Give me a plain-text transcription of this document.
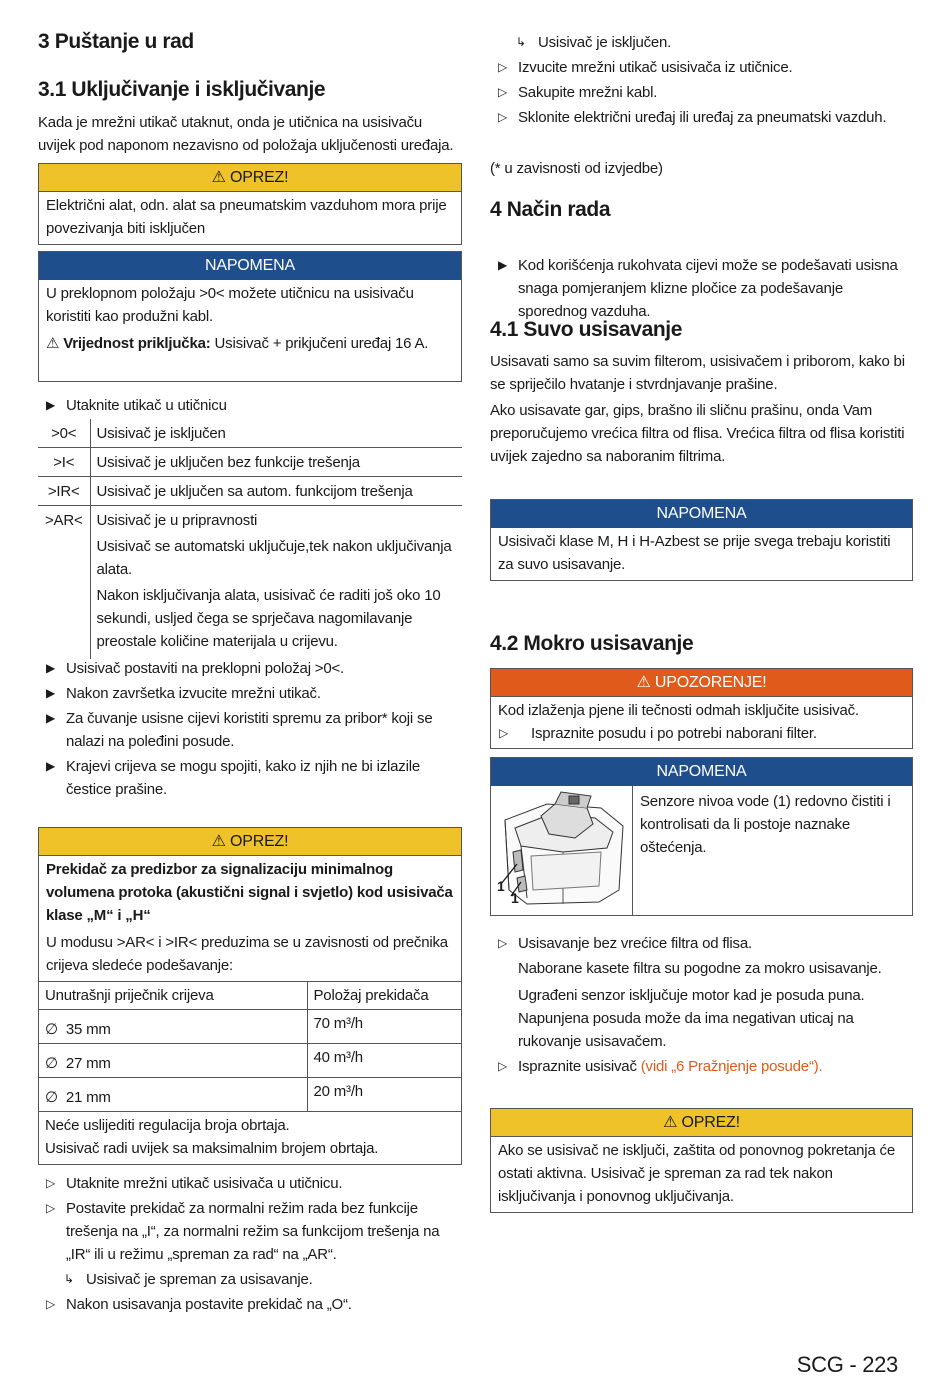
3 Puštanje u rad
3.1 Uključivanje i isključivanje
Kada je mrežni utikač utaknut, onda je utičnica na usisivaču uvijek pod naponom nezavisno od položaja uključenosti uređaja.
⚠ OPREZ!
Električni alat, odn. alat sa pneumatskim vazduhom mora prije povezivanja biti isključen
NAPOMENA
U preklopnom položaju >0< možete utičnicu na usisivaču koristiti kao produžni kabl.
⚠ Vrijednost priključka: Usisivač + prikjučeni uređaj 16 A.
▶ Utaknite utikač u utičnicu
>0<	Usisivač je isključen
>I<	Usisivač je uključen bez funkcije trešenja
>IR<	Usisivač je uključen sa autom. funkcijom trešenja
>AR<	Usisivač je u pripravnosti
Usisivač se automatski uključuje,tek nakon uključivanja alata.
Nakon isključivanja alata, usisivač će raditi još oko 10 sekundi, usljed čega se sprječava nagomilavanje preostale količine materijala u crijevu.
▶ Usisivač postaviti na preklopni položaj >0<.
▶ Nakon završetka izvucite mrežni utikač.
▶ Za čuvanje usisne cijevi koristiti spremu za pribor* koji se nalazi na poleđini posude.
▶ Krajevi crijeva se mogu spojiti, kako iz njih ne bi izlazile čestice prašine.
⚠ OPREZ!
Prekidač za predizbor za signalizaciju minimalnog volumena protoka (akustični signal i svjetlo) kod usisivača klase „M“ i „H“
U modusu >AR< i >IR< preduzima se u zavisnosti od prečnika crijeva sledeće podešavanje:
Unutrašnji priječnik crijeva	Položaj prekidača
∅ 35 mm	70 m³/h
∅ 27 mm	40 m³/h
∅ 21 mm	20 m³/h

Neće uslijediti regulacija broja obrtaja.
Usisivač radi uvijek sa maksimalnim brojem obrtaja.	
▷ Utaknite mrežni utikač usisivača u utičnicu.
▷ Postavite prekidač za normalni režim rada bez funkcije trešenja na „I“, za normalni režim sa funkcijom trešenja na „IR“ ili u režimu „spreman za rad“ na „AR“.
↳ Usisivač je spreman za usisavanje.
▷ Nakon usisavanja postavite prekidač na „O“.
↳ Usisivač je isključen.
▷ Izvucite mrežni utikač usisivača iz utičnice.
▷ Sakupite mrežni kabl.
▷ Sklonite električni uređaj ili uređaj za pneumatski vazduh.
(* u zavisnosti od izvjedbe)
4 Način rada
▶ Kod korišćenja rukohvata cijevi može se podešavati usisna snaga pomjeranjem klizne pločice za podešavanje sporednog vazduha.
4.1 Suvo usisavanje
Usisavati samo sa suvim filterom, usisivačem i priborom, kako bi se spriječilo hvatanje i stvrdnjavanje prašine.
Ako usisavate gar, gips, brašno ili sličnu prašinu, onda Vam preporučujemo vrećica filtra od flisa. Vrećica filtra od flisa koristiti uvijek zajedno sa naboranim filtrima.
NAPOMENA
Usisivači klase M, H i H-Azbest se prije svega trebaju koristiti za suvo usisavanje.
4.2 Mokro usisavanje
⚠ UPOZORENJE!
Kod izlaženja pjene ili tečnosti odmah isključite usisivač.
▷ Ispraznite posudu i po potrebi naborani filter.
NAPOMENA
1
1
Senzore nivoa vode (1) redovno čistiti i kontrolisati da li postoje naznake oštećenja.
▷ Usisavanje bez vrećice filtra od flisa.
Naborane kasete filtra su pogodne za mokro usisavanje.
Ugrađeni senzor isključuje motor kad je posuda puna.
Napunjena posuda može da ima negativan uticaj na rukovanje usisavačem.
▷ Ispraznite usisivač (vidi „6 Pražnjenje posude“).
⚠ OPREZ!
Ako se usisivač ne isključi, zaštita od ponovnog pokretanja će ostati aktivna. Usisivač je spreman za rad tek nakon isključivanja i ponovnog uključivanja.
SCG - 223
